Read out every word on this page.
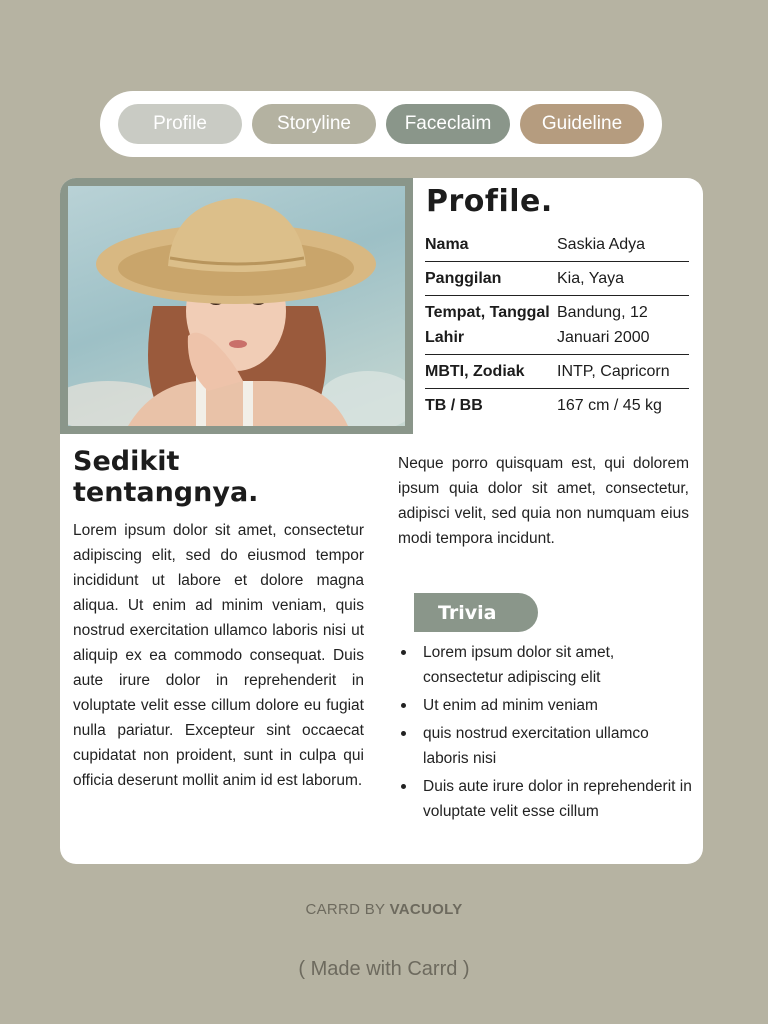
Profile	Storyline	Faceclaim	Guideline
Profile.
Nama	Saskia Adya
Panggilan	Kia, Yaya
Tempat, Tanggal Lahir	Bandung, 12 Januari 2000
MBTI, Zodiak	INTP, Capricorn
TB / BB	167 cm / 45 kg
Sedikit tentangnya.

Lorem ipsum dolor sit amet, consectetur adipiscing elit, sed do eiusmod tempor incididunt ut labore et dolore magna aliqua. Ut enim ad minim veniam, quis nostrud exercitation ullamco laboris nisi ut aliquip ex ea commodo consequat. Duis aute irure dolor in reprehenderit in voluptate velit esse cillum dolore eu fugiat nulla pariatur. Excepteur sint occaecat cupidatat non proident, sunt in culpa qui officia deserunt mollit anim id est laborum.

Neque porro quisquam est, qui dolorem ipsum quia dolor sit amet, consectetur, adipisci velit, sed quia non numquam eius modi tempora incidunt.

Trivia
Lorem ipsum dolor sit amet, consectetur adipiscing elit
Ut enim ad minim veniam
quis nostrud exercitation ullamco laboris nisi
Duis aute irure dolor in reprehenderit in voluptate velit esse cillum
CARRD BY VACUOLY
( Made with Carrd )
